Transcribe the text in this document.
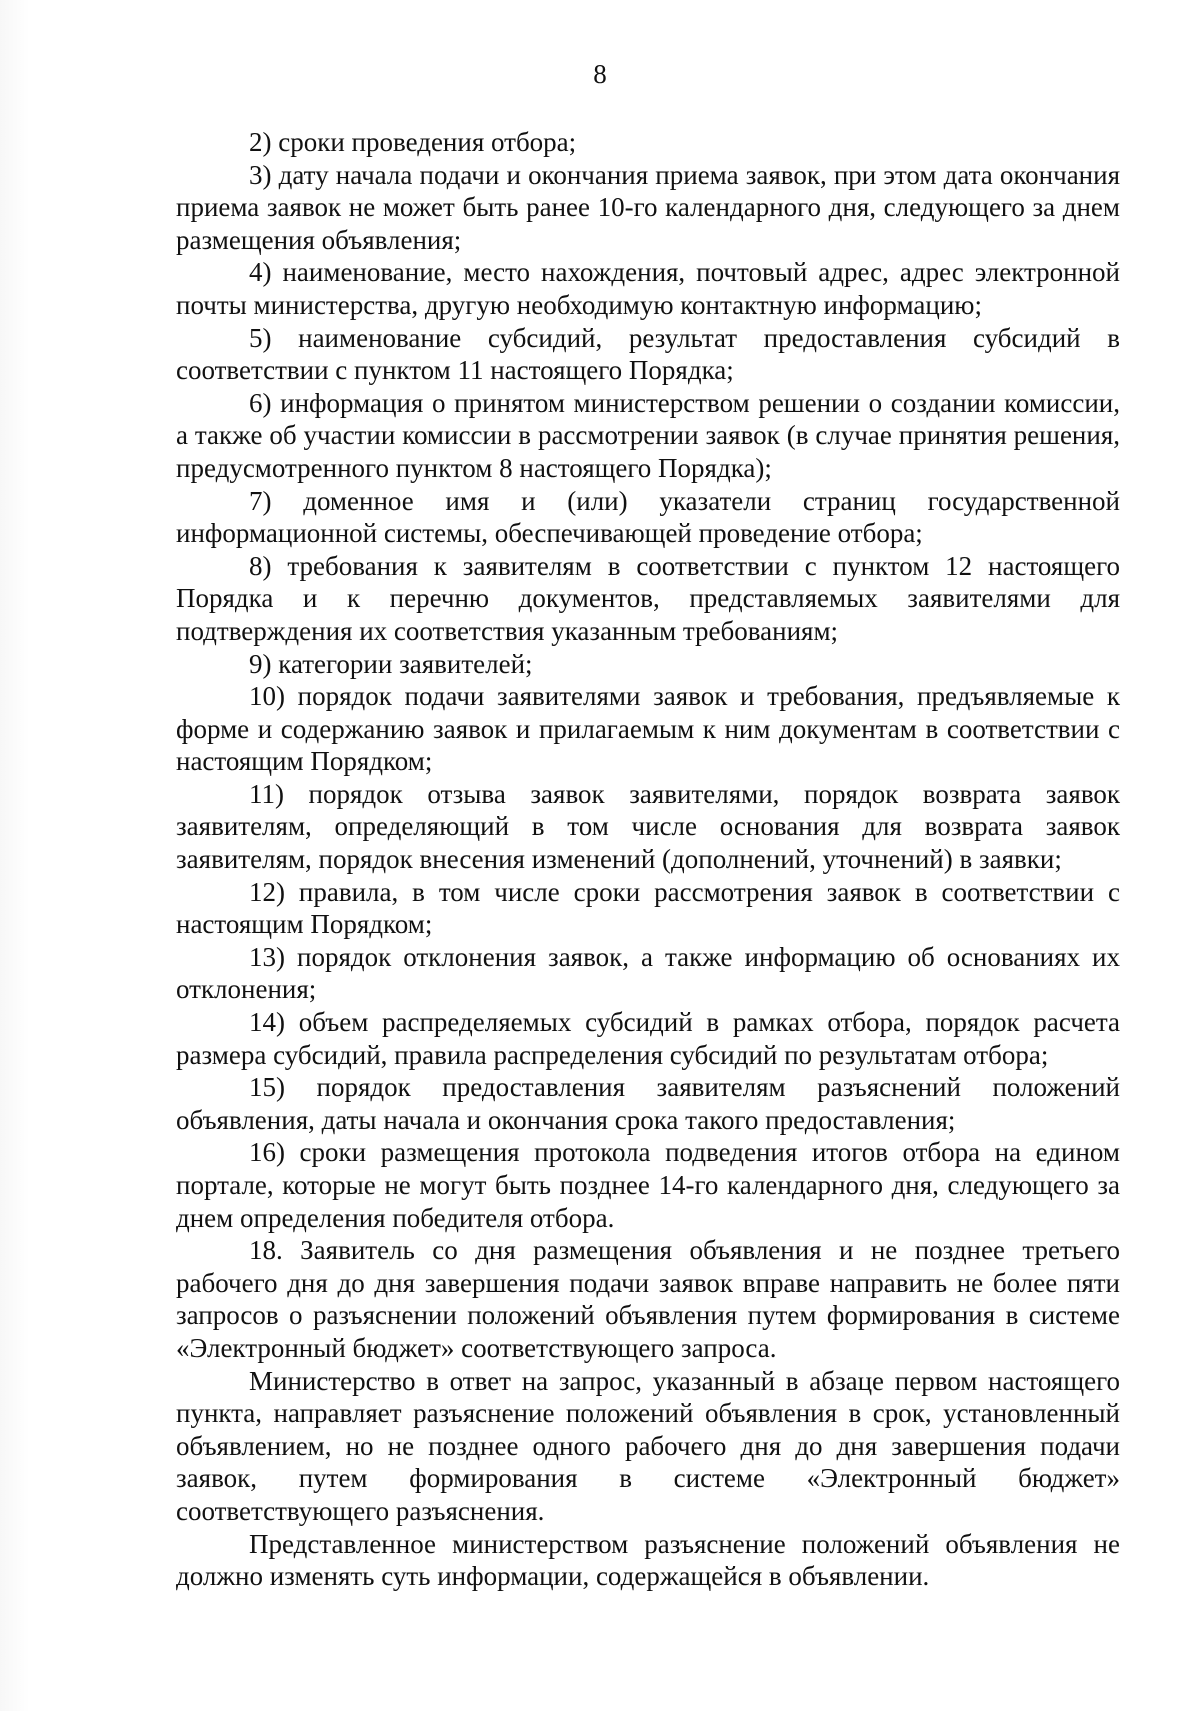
8

2) сроки проведения отбора;

3) дату начала подачи и окончания приема заявок, при этом дата окончания приема заявок не может быть ранее 10-го календарного дня, следующего за днем размещения объявления;

4) наименование, место нахождения, почтовый адрес, адрес электронной почты министерства, другую необходимую контактную информацию;

5) наименование субсидий, результат предоставления субсидий в соответствии с пунктом 11 настоящего Порядка;

6) информация о принятом министерством решении о создании комиссии, а также об участии комиссии в рассмотрении заявок (в случае принятия решения, предусмотренного пунктом 8 настоящего Порядка);

7) доменное имя и (или) указатели страниц государственной информационной системы, обеспечивающей проведение отбора;

8) требования к заявителям в соответствии с пунктом 12 настоящего Порядка и к перечню документов, представляемых заявителями для подтверждения их соответствия указанным требованиям;

9) категории заявителей;

10) порядок подачи заявителями заявок и требования, предъявляемые к форме и содержанию заявок и прилагаемым к ним документам в соответствии с настоящим Порядком;

11) порядок отзыва заявок заявителями, порядок возврата заявок заявителям, определяющий в том числе основания для возврата заявок заявителям, порядок внесения изменений (дополнений, уточнений) в заявки;

12) правила, в том числе сроки рассмотрения заявок в соответствии с настоящим Порядком;

13) порядок отклонения заявок, а также информацию об основаниях их отклонения;

14) объем распределяемых субсидий в рамках отбора, порядок расчета размера субсидий, правила распределения субсидий по результатам отбора;

15) порядок предоставления заявителям разъяснений положений объявления, даты начала и окончания срока такого предоставления;

16) сроки размещения протокола подведения итогов отбора на едином портале, которые не могут быть позднее 14-го календарного дня, следующего за днем определения победителя отбора.

18. Заявитель со дня размещения объявления и не позднее третьего рабочего дня до дня завершения подачи заявок вправе направить не более пяти запросов о разъяснении положений объявления путем формирования в системе «Электронный бюджет» соответствующего запроса.

Министерство в ответ на запрос, указанный в абзаце первом настоящего пункта, направляет разъяснение положений объявления в срок, установленный объявлением, но не позднее одного рабочего дня до дня завершения подачи заявок, путем формирования в системе «Электронный бюджет» соответствующего разъяснения.

Представленное министерством разъяснение положений объявления не должно изменять суть информации, содержащейся в объявлении.
